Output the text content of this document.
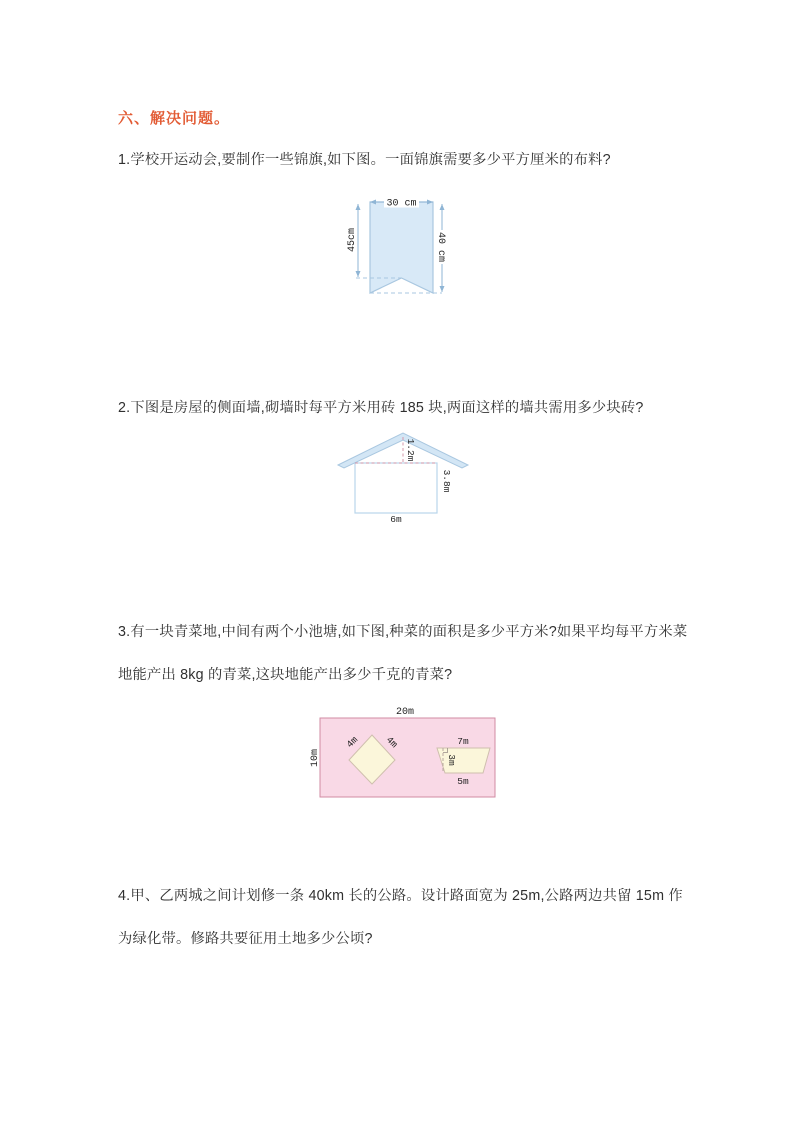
六、解决问题。
1.学校开运动会,要制作一些锦旗,如下图。一面锦旗需要多少平方厘米的布料?
30 cm
45cm	40 cm
2.下图是房屋的侧面墙,砌墙时每平方米用砖 185 块,两面这样的墙共需用多少块砖?
1.2m
3.8m
6m
3.有一块青菜地,中间有两个小池塘,如下图,种菜的面积是多少平方米?如果平均每平方米菜
地能产出 8kg 的青菜,这块地能产出多少千克的青菜?
20m
10m
4m 4m	7m
5m
3m
4.甲、乙两城之间计划修一条 40km 长的公路。设计路面宽为 25m,公路两边共留 15m 作
为绿化带。修路共要征用土地多少公顷?
